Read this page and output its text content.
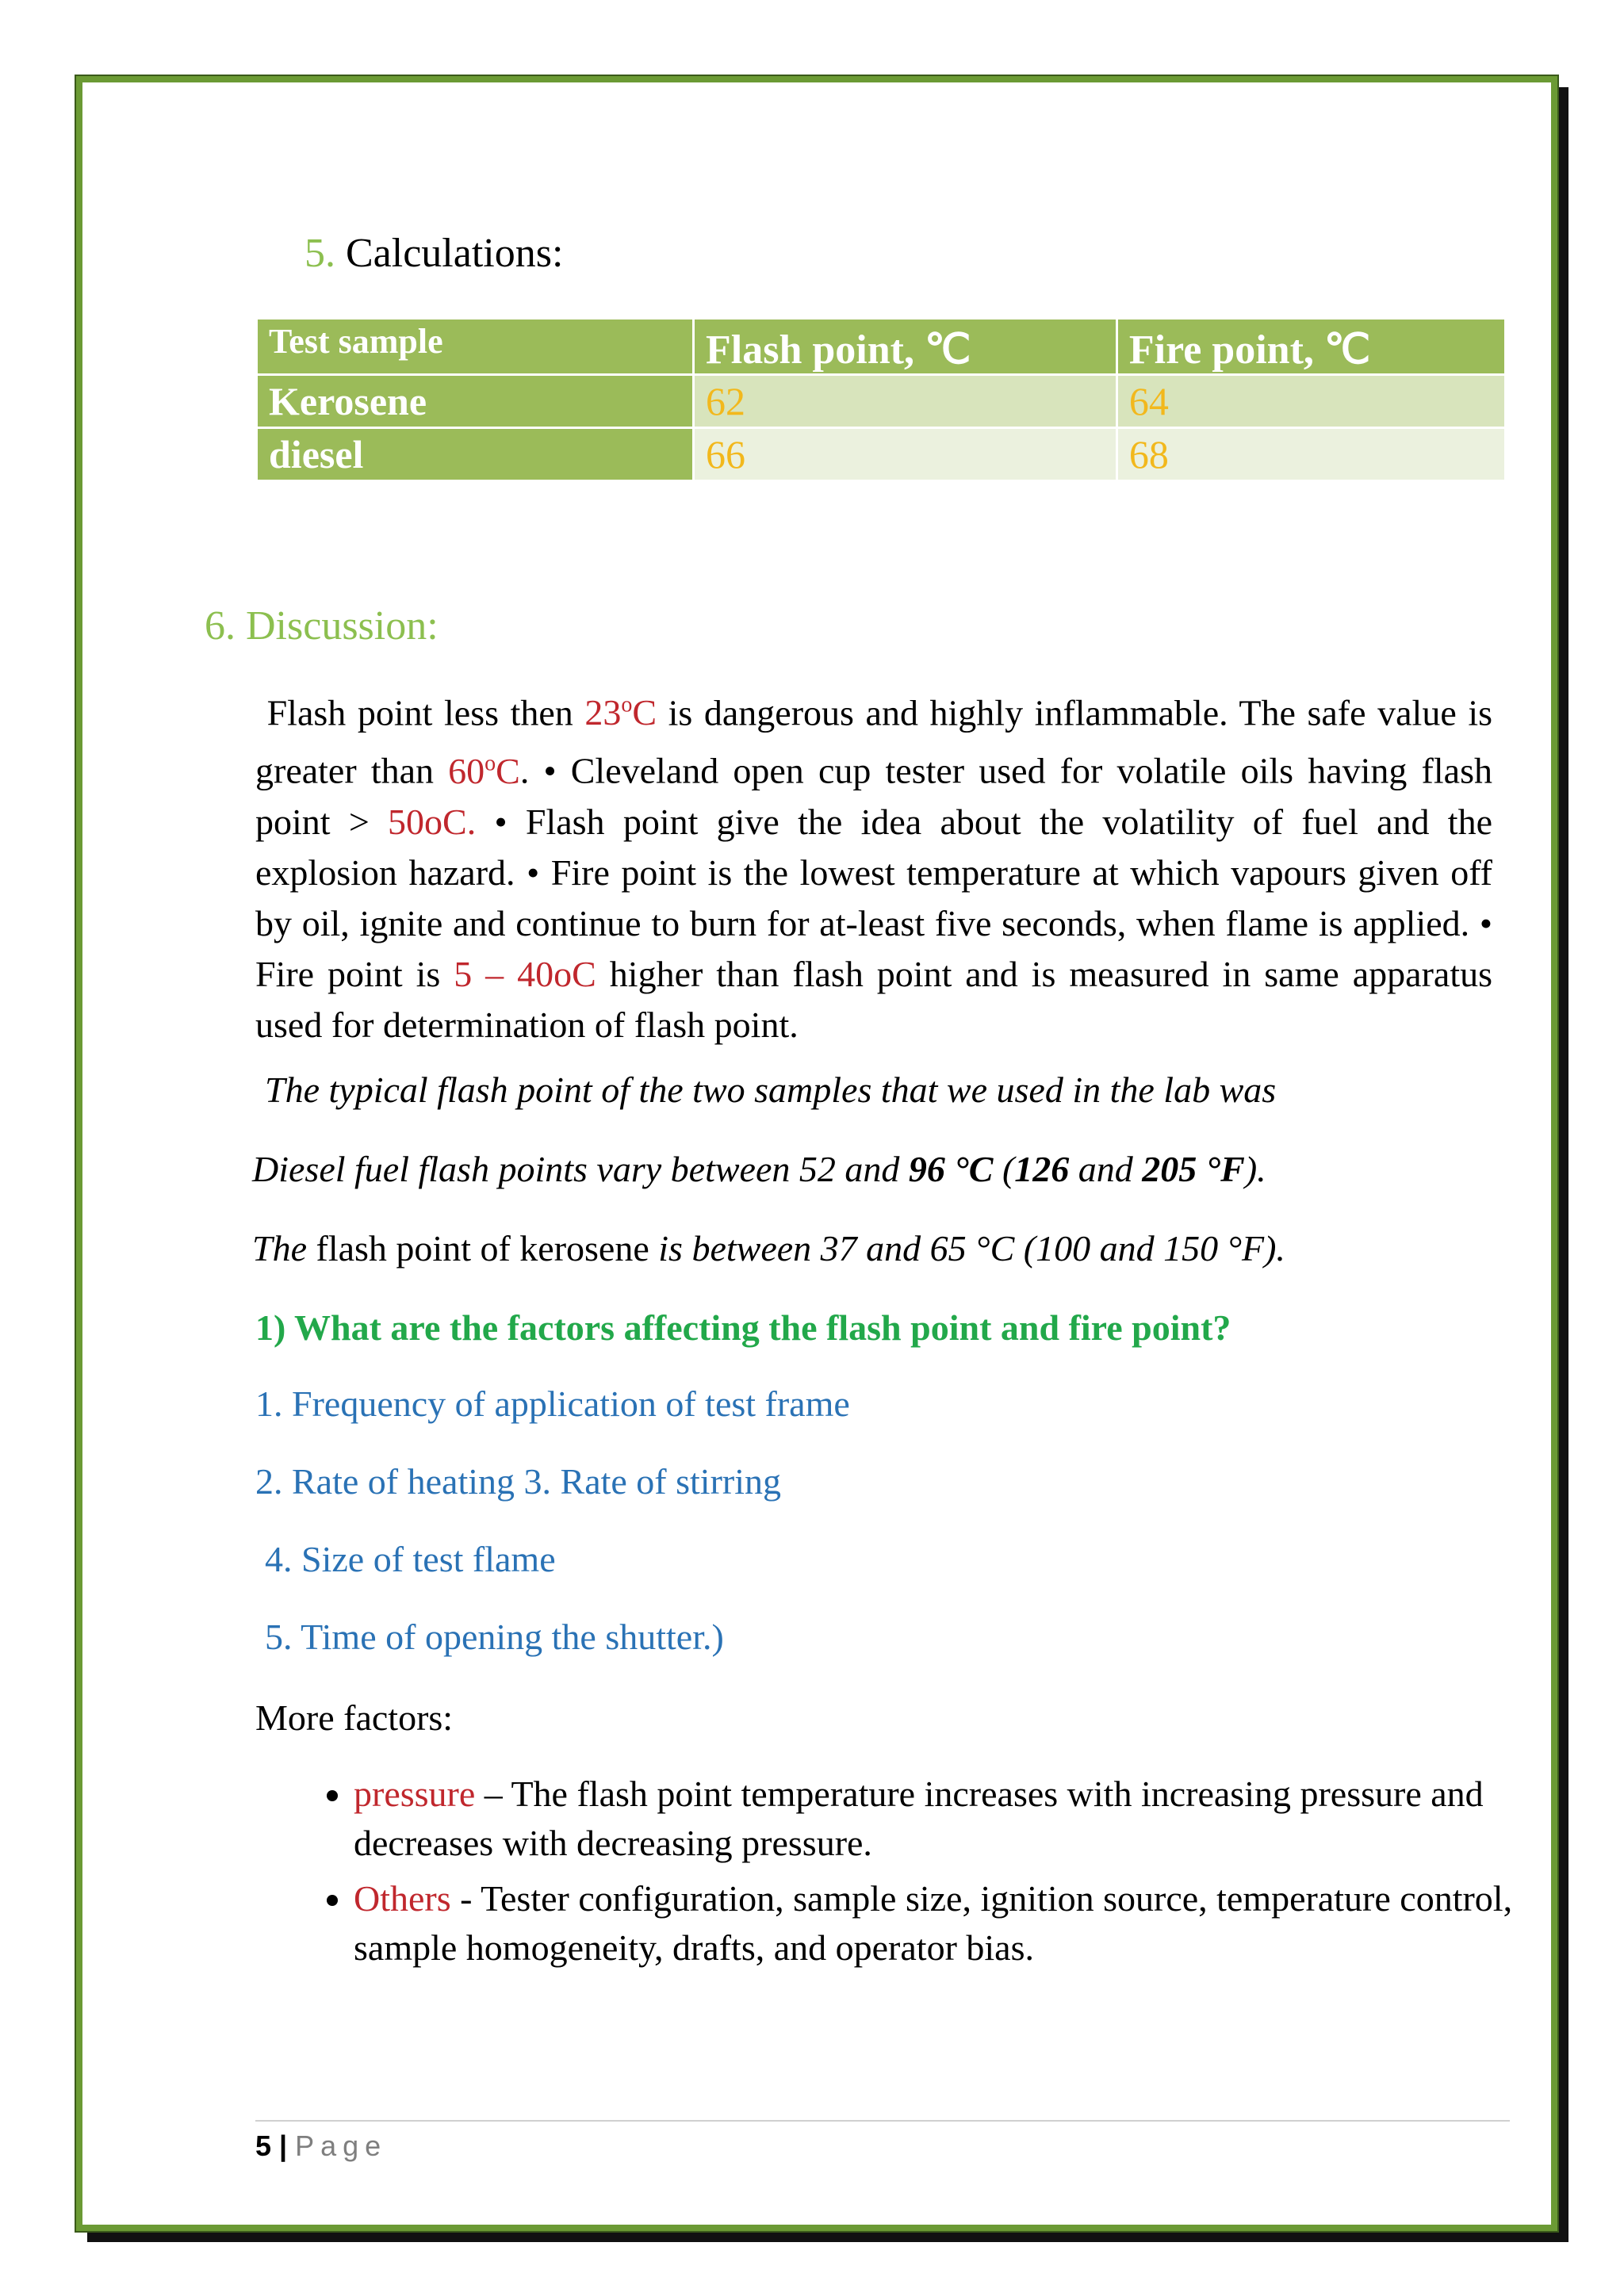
5. Calculations:
Test sample	Flash point, ℃	Fire point, ℃
Kerosene	62	64
diesel	66	68
6. Discussion:
Flash point less then 23$^o$C is dangerous and highly inflammable. The safe value is greater than 60$^o$C. • Cleveland open cup tester used for volatile oils having flash point > 50oC. • Flash point give the idea about the volatility of fuel and the explosion hazard. • Fire point is the lowest temperature at which vapours given off by oil, ignite and continue to burn for at-least five seconds, when flame is applied. • Fire point is 5 – 40oC higher than flash point and is measured in same apparatus used for determination of flash point.
The typical flash point of the two samples that we used in the lab was
Diesel fuel flash points vary between 52 and 96 °C (126 and 205 °F).
The flash point of kerosene is between 37 and 65 °C (100 and 150 °F).
1) What are the factors affecting the flash point and fire point?
1. Frequency of application of test frame
2. Rate of heating 3. Rate of stirring
4. Size of test flame
5. Time of opening the shutter.)
More factors:
• pressure – The flash point temperature increases with increasing pressure and decreases with decreasing pressure.
• Others - Tester configuration, sample size, ignition source, temperature control, sample homogeneity, drafts, and operator bias.
5 | Page
